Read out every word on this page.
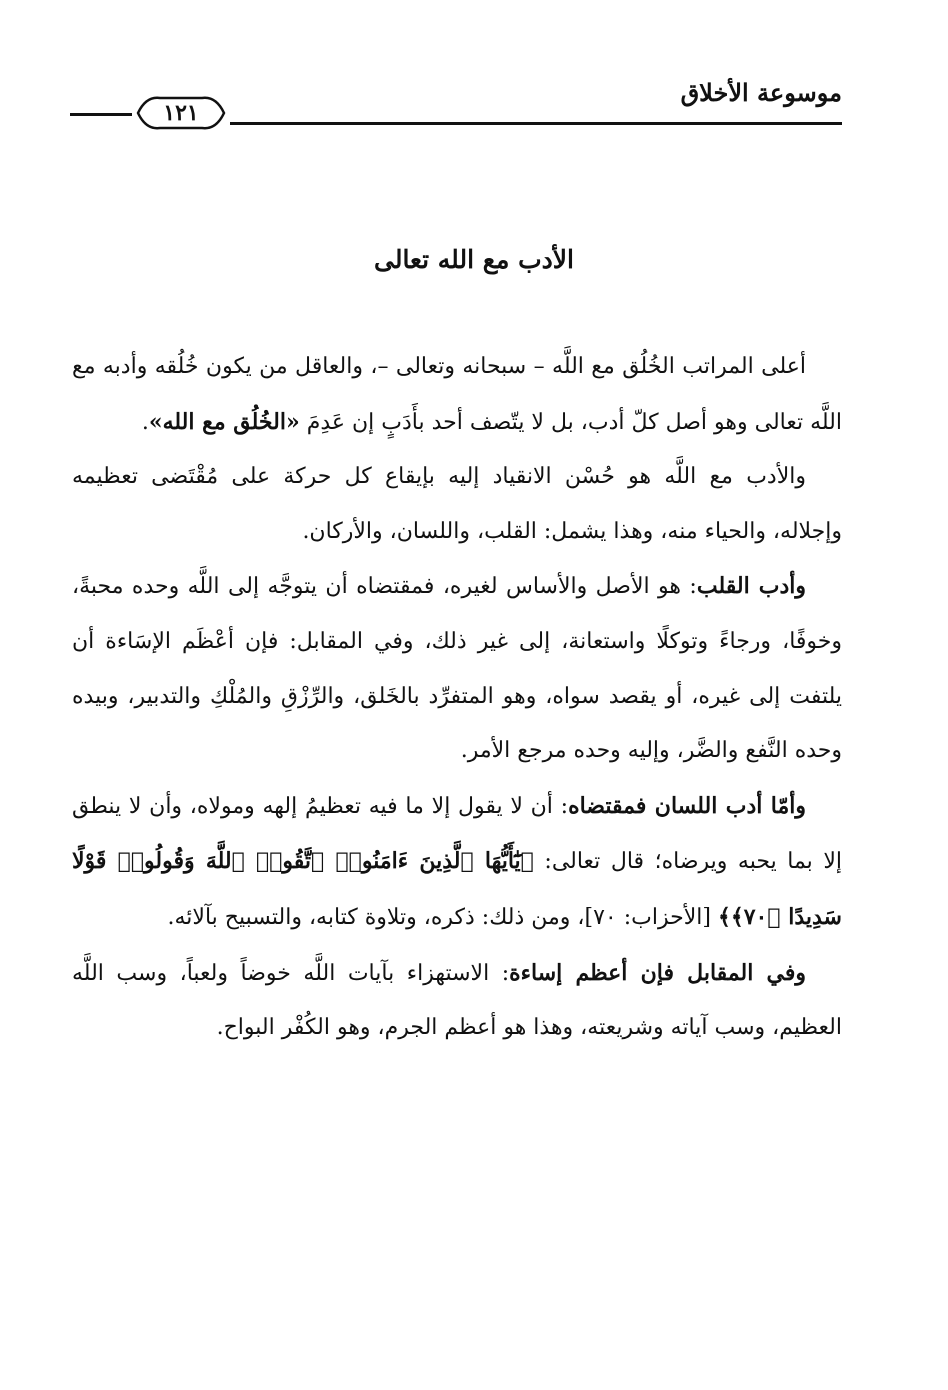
موسوعة الأخلاق
١٢١
الأدب مع الله تعالى

أعلى المراتب الخُلُق مع اللَّه – سبحانه وتعالى –، والعاقل من يكون خُلُقه وأدبه مع اللَّه تعالى وهو أصل كلّ أدب، بل لا يتّصف أحد بأَدَبٍ إن عَدِمَ «الخُلُق مع الله».

والأدب مع اللَّه هو حُسْن الانقياد إليه بإيقاع كل حركة على مُقْتَضى تعظيمه وإجلاله، والحياء منه، وهذا يشمل: القلب، واللسان، والأركان.

وأدب القلب: هو الأصل والأساس لغيره، فمقتضاه أن يتوجَّه إلى اللَّه وحده محبةً، وخوفًا، ورجاءً وتوكلًا واستعانة، إلى غير ذلك، وفي المقابل: فإن أعْظَم الإسَاءة أن يلتفت إلى غيره، أو يقصد سواه، وهو المتفرِّد بالخَلق، والرِّزْقِ والمُلْكِ والتدبير، وبيده وحده النَّفع والضَّر، وإليه وحده مرجع الأمر.

وأمّا أدب اللسان فمقتضاه: أن لا يقول إلا ما فيه تعظيمُ إلهه ومولاه، وأن لا ينطق إلا بما يحبه ويرضاه؛ قال تعالى: ﴿يَٰٓأَيُّهَا ٱلَّذِينَ ءَامَنُوا۟ ٱتَّقُوا۟ ٱللَّهَ وَقُولُوا۟ قَوْلًا سَدِيدًا ﴿٧٠﴾﴾ [الأحزاب: ٧٠]، ومن ذلك: ذكره، وتلاوة كتابه، والتسبيح بآلائه.

وفي المقابل فإن أعظم إساءة: الاستهزاء بآيات اللَّه خوضاً ولعباً، وسب اللَّه العظيم، وسب آياته وشريعته، وهذا هو أعظم الجرم، وهو الكُفْر البواح.
